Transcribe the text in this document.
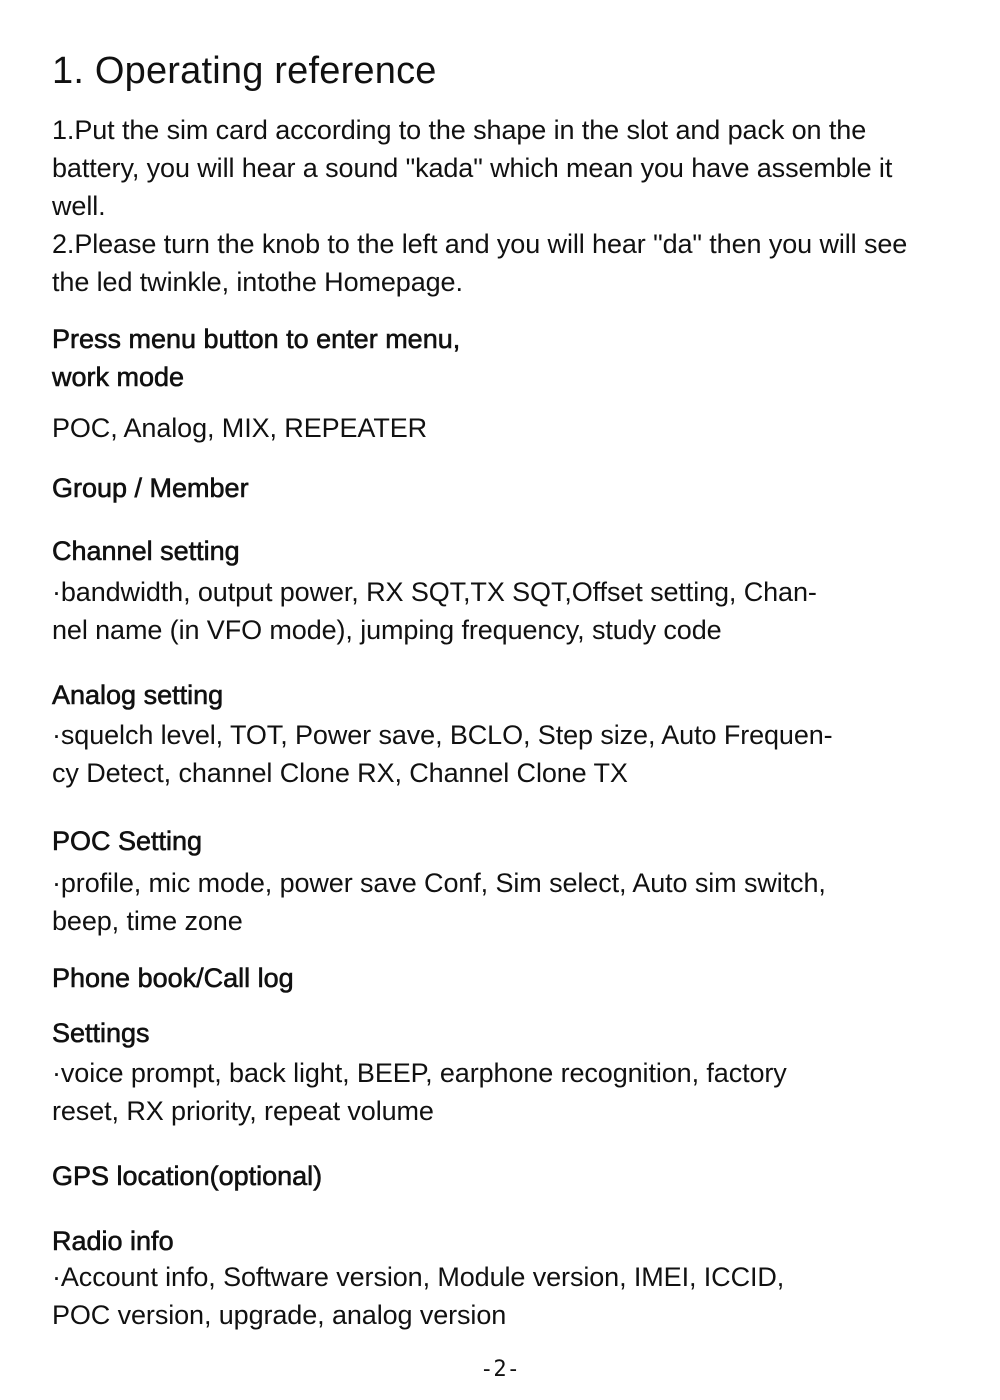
1. Operating reference

1.Put the sim card according to the shape in the slot and pack on the battery, you will hear a sound "kada" which mean you have assemble it well.

2.Please turn the knob to the left and you will hear "da" then you will see the led twinkle, intothe Homepage.

Press menu button to enter menu,
work mode
POC, Analog, MIX, REPEATER
Group / Member
Channel setting
·bandwidth, output power, RX SQT,TX SQT,Offset setting, Chan-
nel name (in VFO mode), jumping frequency, study code
Analog setting
·squelch level, TOT, Power save, BCLO, Step size, Auto Frequen-
cy Detect, channel Clone RX, Channel Clone TX
POC Setting
·profile, mic mode, power save Conf, Sim select, Auto sim switch,
beep, time zone
Phone book/Call log
Settings
·voice prompt, back light, BEEP, earphone recognition, factory
reset, RX priority, repeat volume
GPS location(optional)
Radio info
·Account info, Software version, Module version, IMEI, ICCID,
POC version, upgrade, analog version
-2-
